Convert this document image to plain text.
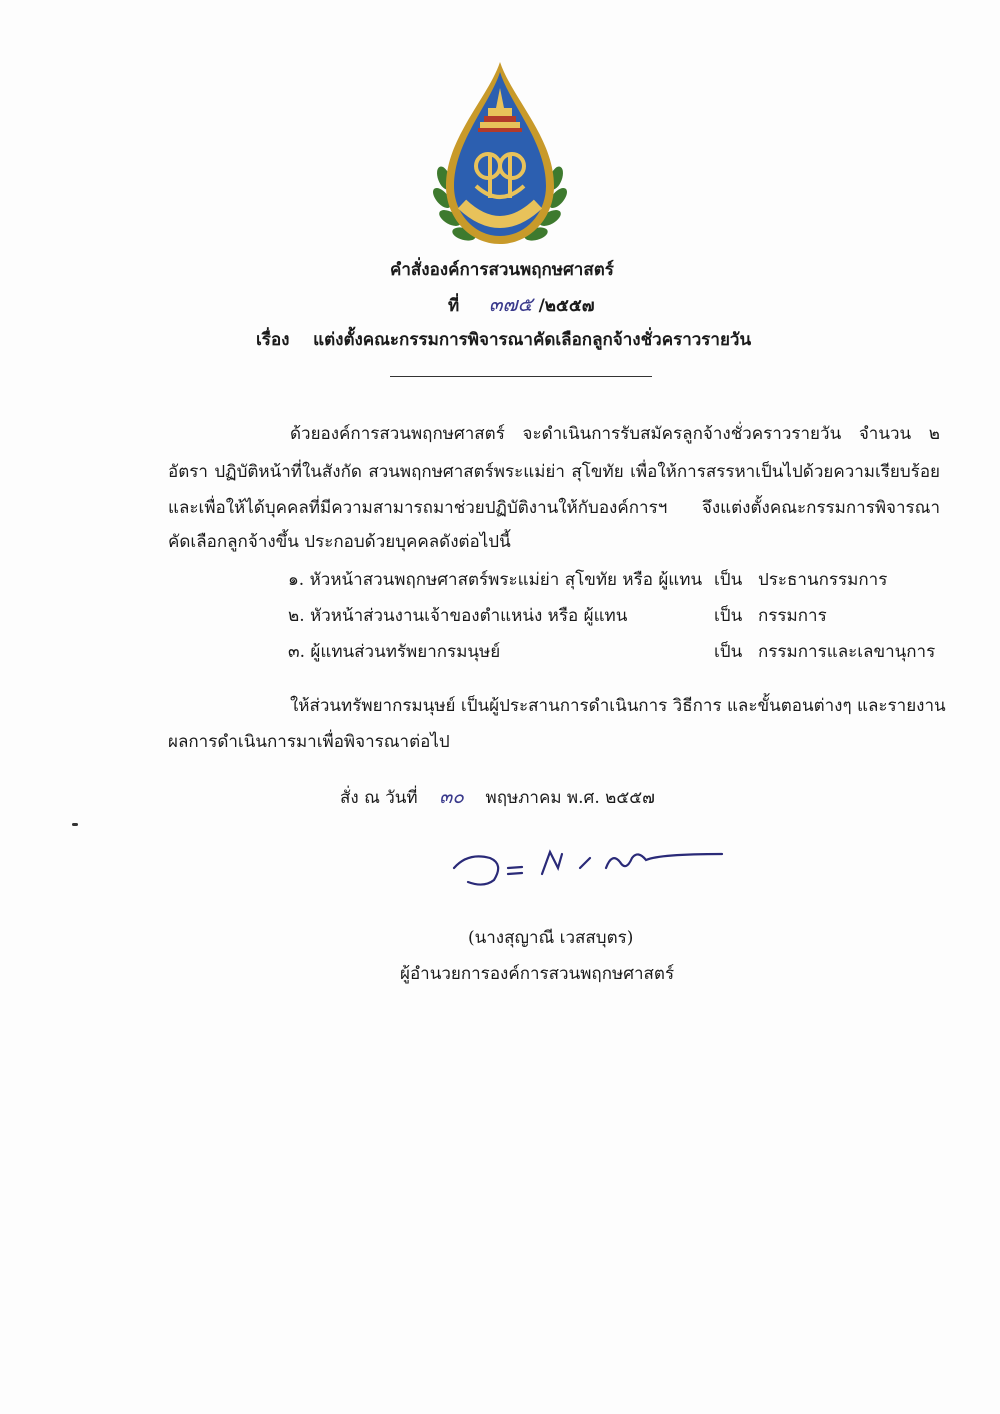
คำสั่งองค์การสวนพฤกษศาสตร์
ที่ ๓๗๕ /๒๕๕๗
เรื่อง แต่งตั้งคณะกรรมการพิจารณาคัดเลือกลูกจ้างชั่วคราวรายวัน
ด้วยองค์การสวนพฤกษศาสตร์ จะดำเนินการรับสมัครลูกจ้างชั่วคราวรายวัน จำนวน ๒
อัตรา ปฏิบัติหน้าที่ในสังกัด สวนพฤกษศาสตร์พระแม่ย่า สุโขทัย เพื่อให้การสรรหาเป็นไปด้วยความเรียบร้อย
และเพื่อให้ได้บุคคลที่มีความสามารถมาช่วยปฏิบัติงานให้กับองค์การฯ จึงแต่งตั้งคณะกรรมการพิจารณา
คัดเลือกลูกจ้างขึ้น ประกอบด้วยบุคคลดังต่อไปนี้
๑. หัวหน้าสวนพฤกษศาสตร์พระแม่ย่า สุโขทัย หรือ ผู้แทน เป็น ประธานกรรมการ
๒. หัวหน้าส่วนงานเจ้าของตำแหน่ง หรือ ผู้แทน	เป็น กรรมการ
๓. ผู้แทนส่วนทรัพยากรมนุษย์	เป็น กรรมการและเลขานุการ
ให้ส่วนทรัพยากรมนุษย์ เป็นผู้ประสานการดำเนินการ วิธีการ และขั้นตอนต่างๆ และรายงาน
ผลการดำเนินการมาเพื่อพิจารณาต่อไป
สั่ง ณ วันที่ ๓๐ พฤษภาคม พ.ศ. ๒๕๕๗
(นางสุญาณี เวสสบุตร)
ผู้อำนวยการองค์การสวนพฤกษศาสตร์
